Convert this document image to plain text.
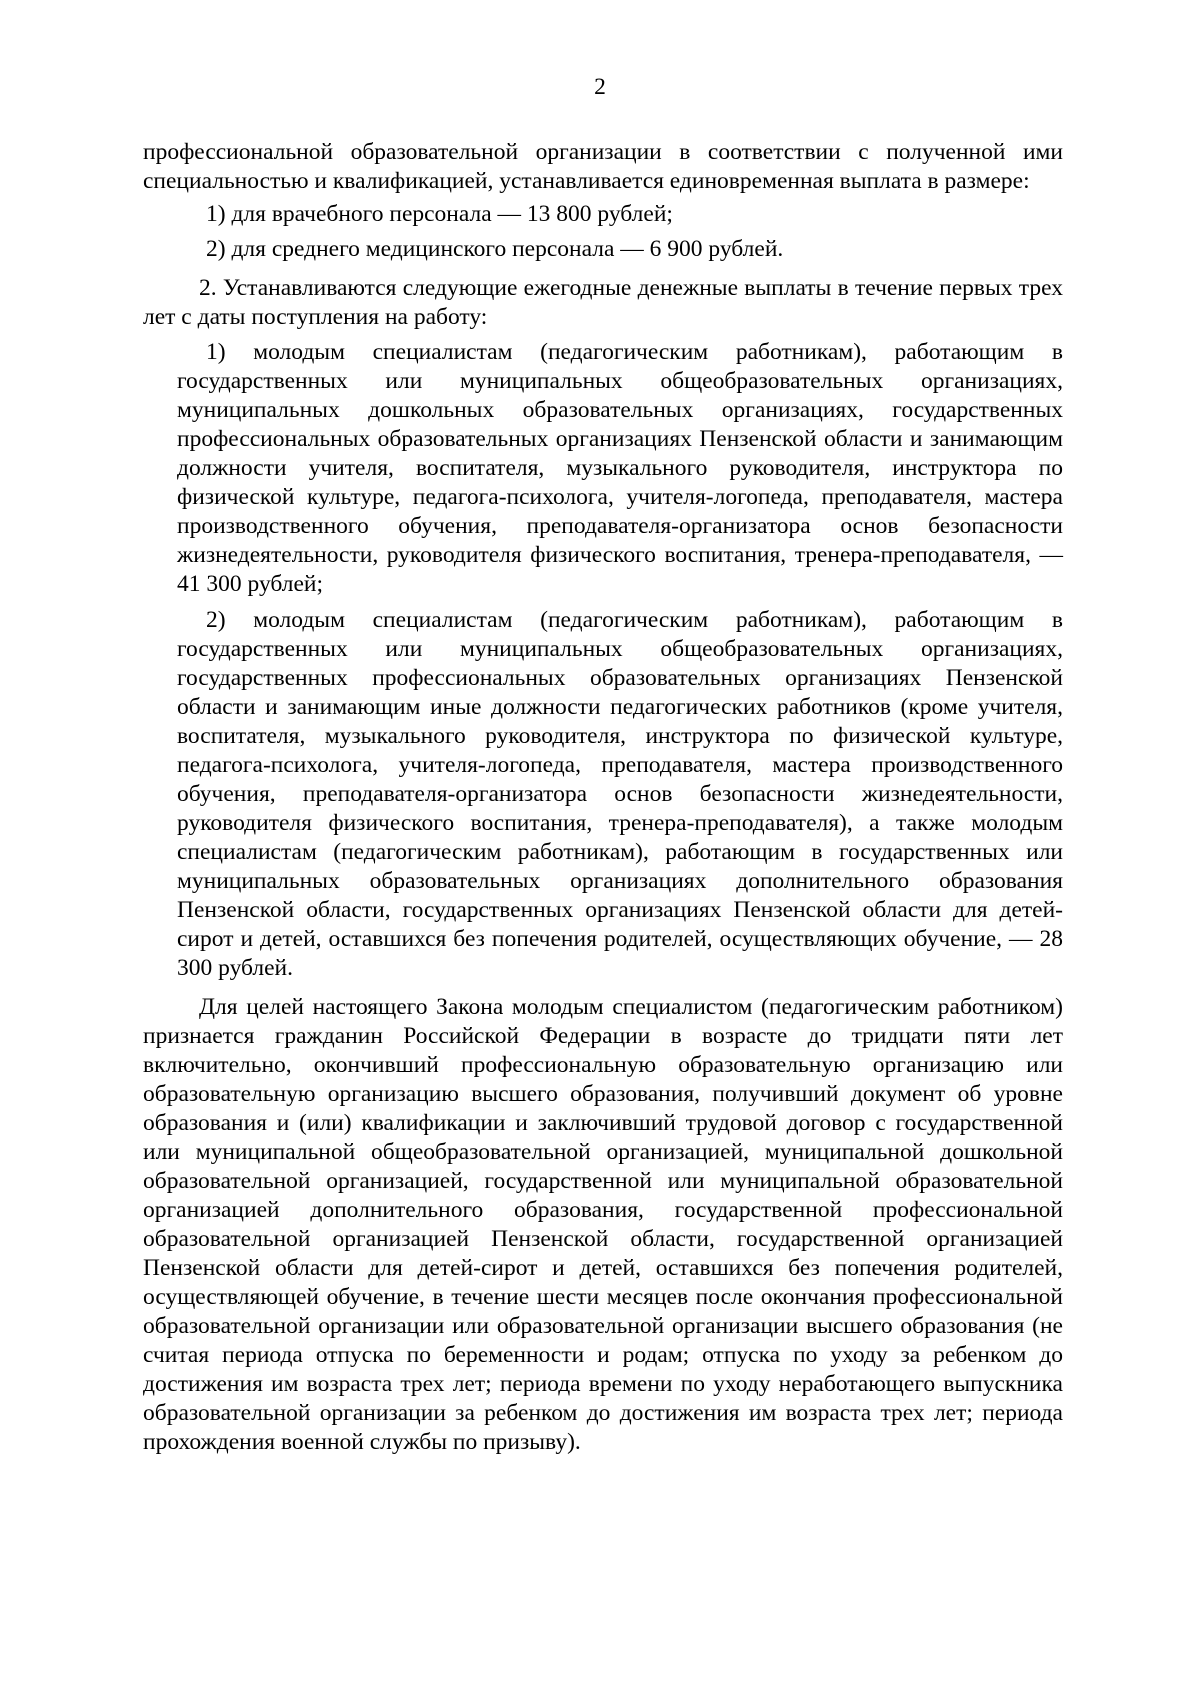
2

профессиональной образовательной организации в соответствии с полученной ими специальностью и квалификацией, устанавливается единовременная выплата в размере:

1) для врачебного персонала — 13 800 рублей;

2) для среднего медицинского персонала — 6 900 рублей.

2. Устанавливаются следующие ежегодные денежные выплаты в течение первых трех лет с даты поступления на работу:

1) молодым специалистам (педагогическим работникам), работающим в государственных или муниципальных общеобразовательных организациях, муниципальных дошкольных образовательных организациях, государственных профессиональных образовательных организациях Пензенской области и занимающим должности учителя, воспитателя, музыкального руководителя, инструктора по физической культуре, педагога-психолога, учителя-логопеда, преподавателя, мастера производственного обучения, преподавателя-организатора основ безопасности жизнедеятельности, руководителя физического воспитания, тренера-преподавателя, — 41 300 рублей;

2) молодым специалистам (педагогическим работникам), работающим в государственных или муниципальных общеобразовательных организациях, государственных профессиональных образовательных организациях Пензенской области и занимающим иные должности педагогических работников (кроме учителя, воспитателя, музыкального руководителя, инструктора по физической культуре, педагога-психолога, учителя-логопеда, преподавателя, мастера производственного обучения, преподавателя-организатора основ безопасности жизнедеятельности, руководителя физического воспитания, тренера-преподавателя), а также молодым специалистам (педагогическим работникам), работающим в государственных или муниципальных образовательных организациях дополнительного образования Пензенской области, государственных организациях Пензенской области для детей-сирот и детей, оставшихся без попечения родителей, осуществляющих обучение, — 28 300 рублей.

Для целей настоящего Закона молодым специалистом (педагогическим работником) признается гражданин Российской Федерации в возрасте до тридцати пяти лет включительно, окончивший профессиональную образовательную организацию или образовательную организацию высшего образования, получивший документ об уровне образования и (или) квалификации и заключивший трудовой договор с государственной или муниципальной общеобразовательной организацией, муниципальной дошкольной образовательной организацией, государственной или муниципальной образовательной организацией дополнительного образования, государственной профессиональной образовательной организацией Пензенской области, государственной организацией Пензенской области для детей-сирот и детей, оставшихся без попечения родителей, осуществляющей обучение, в течение шести месяцев после окончания профессиональной образовательной организации или образовательной организации высшего образования (не считая периода отпуска по беременности и родам; отпуска по уходу за ребенком до достижения им возраста трех лет; периода времени по уходу неработающего выпускника образовательной организации за ребенком до достижения им возраста трех лет; периода прохождения военной службы по призыву).
